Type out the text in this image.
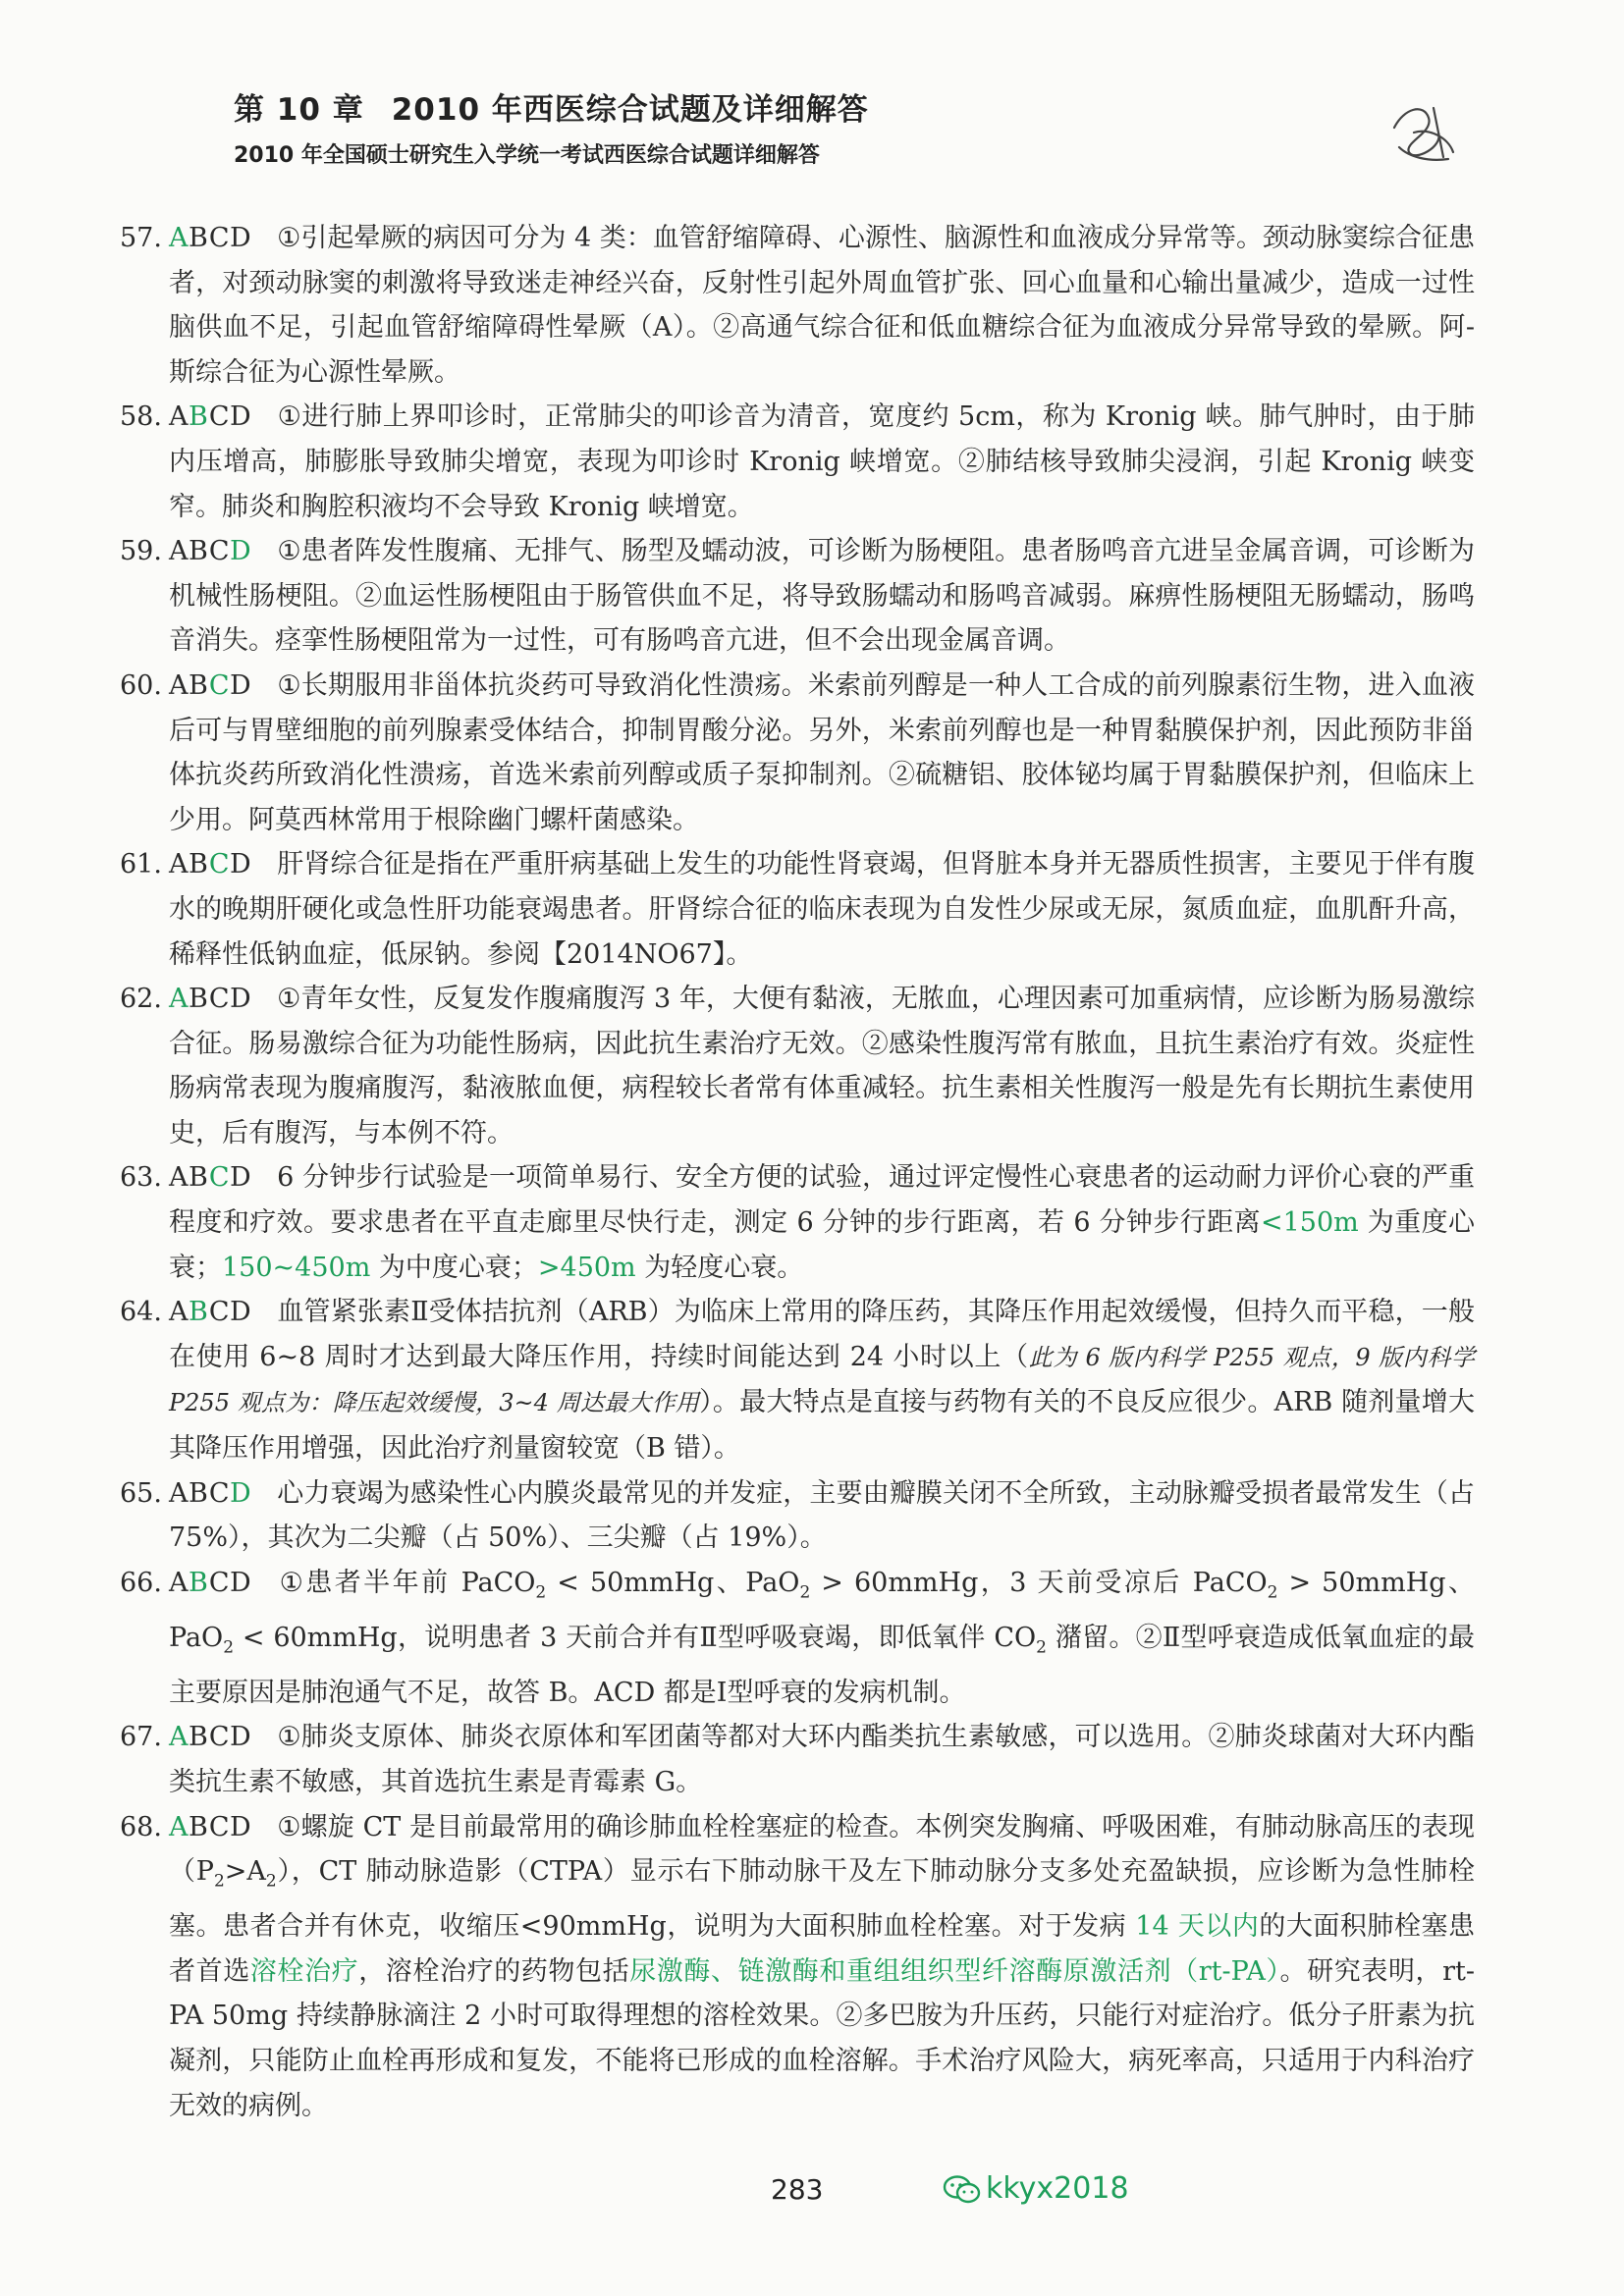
第 10 章 2010 年西医综合试题及详细解答
2010 年全国硕士研究生入学统一考试西医综合试题详细解答
57. ABCD ①引起晕厥的病因可分为 4 类：血管舒缩障碍、心源性、脑源性和血液成分异常等。颈动脉窦综合征患者，对颈动脉窦的刺激将导致迷走神经兴奋，反射性引起外周血管扩张、回心血量和心输出量减少，造成一过性脑供血不足，引起血管舒缩障碍性晕厥（A）。②高通气综合征和低血糖综合征为血液成分异常导致的晕厥。阿-斯综合征为心源性晕厥。
58. ABCD ①进行肺上界叩诊时，正常肺尖的叩诊音为清音，宽度约 5cm，称为 Kronig 峡。肺气肿时，由于肺内压增高，肺膨胀导致肺尖增宽，表现为叩诊时 Kronig 峡增宽。②肺结核导致肺尖浸润，引起 Kronig 峡变窄。肺炎和胸腔积液均不会导致 Kronig 峡增宽。
59. ABCD ①患者阵发性腹痛、无排气、肠型及蠕动波，可诊断为肠梗阻。患者肠鸣音亢进呈金属音调，可诊断为机械性肠梗阻。②血运性肠梗阻由于肠管供血不足，将导致肠蠕动和肠鸣音减弱。麻痹性肠梗阻无肠蠕动，肠鸣音消失。痉挛性肠梗阻常为一过性，可有肠鸣音亢进，但不会出现金属音调。
60. ABCD ①长期服用非甾体抗炎药可导致消化性溃疡。米索前列醇是一种人工合成的前列腺素衍生物，进入血液后可与胃壁细胞的前列腺素受体结合，抑制胃酸分泌。另外，米索前列醇也是一种胃黏膜保护剂，因此预防非甾体抗炎药所致消化性溃疡，首选米索前列醇或质子泵抑制剂。②硫糖铝、胶体铋均属于胃黏膜保护剂，但临床上少用。阿莫西林常用于根除幽门螺杆菌感染。
61. ABCD 肝肾综合征是指在严重肝病基础上发生的功能性肾衰竭，但肾脏本身并无器质性损害，主要见于伴有腹水的晚期肝硬化或急性肝功能衰竭患者。肝肾综合征的临床表现为自发性少尿或无尿，氮质血症，血肌酐升高，稀释性低钠血症，低尿钠。参阅【2014NO67】。
62. ABCD ①青年女性，反复发作腹痛腹泻 3 年，大便有黏液，无脓血，心理因素可加重病情，应诊断为肠易激综合征。肠易激综合征为功能性肠病，因此抗生素治疗无效。②感染性腹泻常有脓血，且抗生素治疗有效。炎症性肠病常表现为腹痛腹泻，黏液脓血便，病程较长者常有体重减轻。抗生素相关性腹泻一般是先有长期抗生素使用史，后有腹泻，与本例不符。
63. ABCD 6 分钟步行试验是一项简单易行、安全方便的试验，通过评定慢性心衰患者的运动耐力评价心衰的严重程度和疗效。要求患者在平直走廊里尽快行走，测定 6 分钟的步行距离，若 6 分钟步行距离<150m 为重度心衰；150~450m 为中度心衰；>450m 为轻度心衰。
64. ABCD 血管紧张素Ⅱ受体拮抗剂（ARB）为临床上常用的降压药，其降压作用起效缓慢，但持久而平稳，一般在使用 6~8 周时才达到最大降压作用，持续时间能达到 24 小时以上（此为 6 版内科学 P255 观点，9 版内科学 P255 观点为：降压起效缓慢，3~4 周达最大作用）。最大特点是直接与药物有关的不良反应很少。ARB 随剂量增大其降压作用增强，因此治疗剂量窗较宽（B 错）。
65. ABCD 心力衰竭为感染性心内膜炎最常见的并发症，主要由瓣膜关闭不全所致，主动脉瓣受损者最常发生（占 75%），其次为二尖瓣（占 50%）、三尖瓣（占 19%）。
66. ABCD ①患者半年前 PaCO$_2$ < 50mmHg、PaO$_2$ > 60mmHg，3 天前受凉后 PaCO$_2$ > 50mmHg、PaO$_2$ < 60mmHg，说明患者 3 天前合并有Ⅱ型呼吸衰竭，即低氧伴 $CO_2$ 潴留。②Ⅱ型呼衰造成低氧血症的最主要原因是肺泡通气不足，故答 B。ACD 都是Ⅰ型呼衰的发病机制。
67. ABCD ①肺炎支原体、肺炎衣原体和军团菌等都对大环内酯类抗生素敏感，可以选用。②肺炎球菌对大环内酯类抗生素不敏感，其首选抗生素是青霉素 G。
68. ABCD ①螺旋 CT 是目前最常用的确诊肺血栓栓塞症的检查。本例突发胸痛、呼吸困难，有肺动脉高压的表现$(P_2>A_2)$，CT 肺动脉造影（CTPA）显示右下肺动脉干及左下肺动脉分支多处充盈缺损，应诊断为急性肺栓塞。患者合并有休克，收缩压<90mmHg，说明为大面积肺血栓栓塞。对于发病 14 天以内的大面积肺栓塞患者首选溶栓治疗，溶栓治疗的药物包括尿激酶、链激酶和重组组织型纤溶酶原激活剂（rt-PA）。研究表明，rt-PA 50mg 持续静脉滴注 2 小时可取得理想的溶栓效果。②多巴胺为升压药，只能行对症治疗。低分子肝素为抗凝剂，只能防止血栓再形成和复发，不能将已形成的血栓溶解。手术治疗风险大，病死率高，只适用于内科治疗无效的病例。
283	kkyx2018
